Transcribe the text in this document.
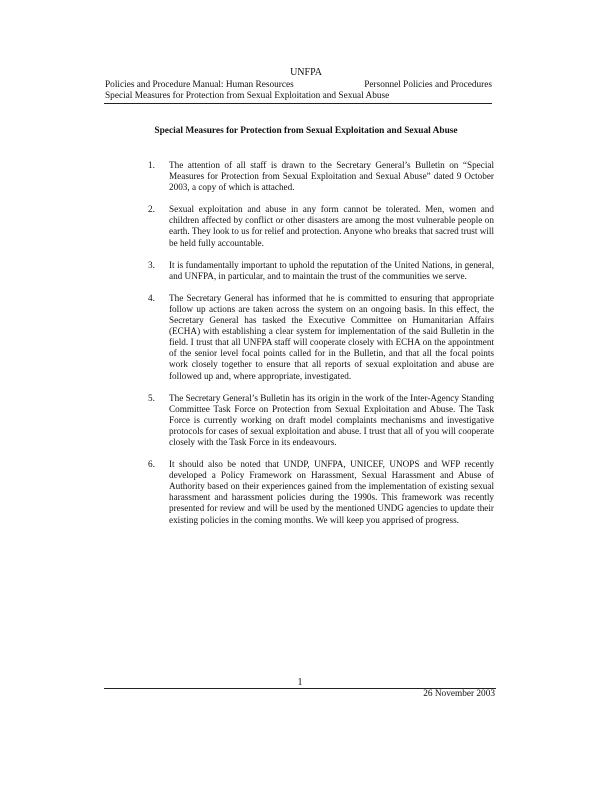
UNFPA
Policies and Procedure Manual: Human Resources	Personnel Policies and Procedures
Special Measures for Protection from Sexual Exploitation and Sexual Abuse
Special Measures for Protection from Sexual Exploitation and Sexual Abuse
1. The attention of all staff is drawn to the Secretary General’s Bulletin on “Special Measures for Protection from Sexual Exploitation and Sexual Abuse” dated 9 October 2003, a copy of which is attached.
2. Sexual exploitation and abuse in any form cannot be tolerated. Men, women and children affected by conflict or other disasters are among the most vulnerable people on earth. They look to us for relief and protection. Anyone who breaks that sacred trust will be held fully accountable.
3. It is fundamentally important to uphold the reputation of the United Nations, in general, and UNFPA, in particular, and to maintain the trust of the communities we serve.
4. The Secretary General has informed that he is committed to ensuring that appropriate follow up actions are taken across the system on an ongoing basis. In this effect, the Secretary General has tasked the Executive Committee on Humanitarian Affairs (ECHA) with establishing a clear system for implementation of the said Bulletin in the field. I trust that all UNFPA staff will cooperate closely with ECHA on the appointment of the senior level focal points called for in the Bulletin, and that all the focal points work closely together to ensure that all reports of sexual exploitation and abuse are followed up and, where appropriate, investigated.
5. The Secretary General’s Bulletin has its origin in the work of the Inter-Agency Standing Committee Task Force on Protection from Sexual Exploitation and Abuse. The Task Force is currently working on draft model complaints mechanisms and investigative protocols for cases of sexual exploitation and abuse. I trust that all of you will cooperate closely with the Task Force in its endeavours.
6. It should also be noted that UNDP, UNFPA, UNICEF, UNOPS and WFP recently developed a Policy Framework on Harassment, Sexual Harassment and Abuse of Authority based on their experiences gained from the implementation of existing sexual harassment and harassment policies during the 1990s. This framework was recently presented for review and will be used by the mentioned UNDG agencies to update their existing policies in the coming months. We will keep you apprised of progress.
1
26 November 2003
